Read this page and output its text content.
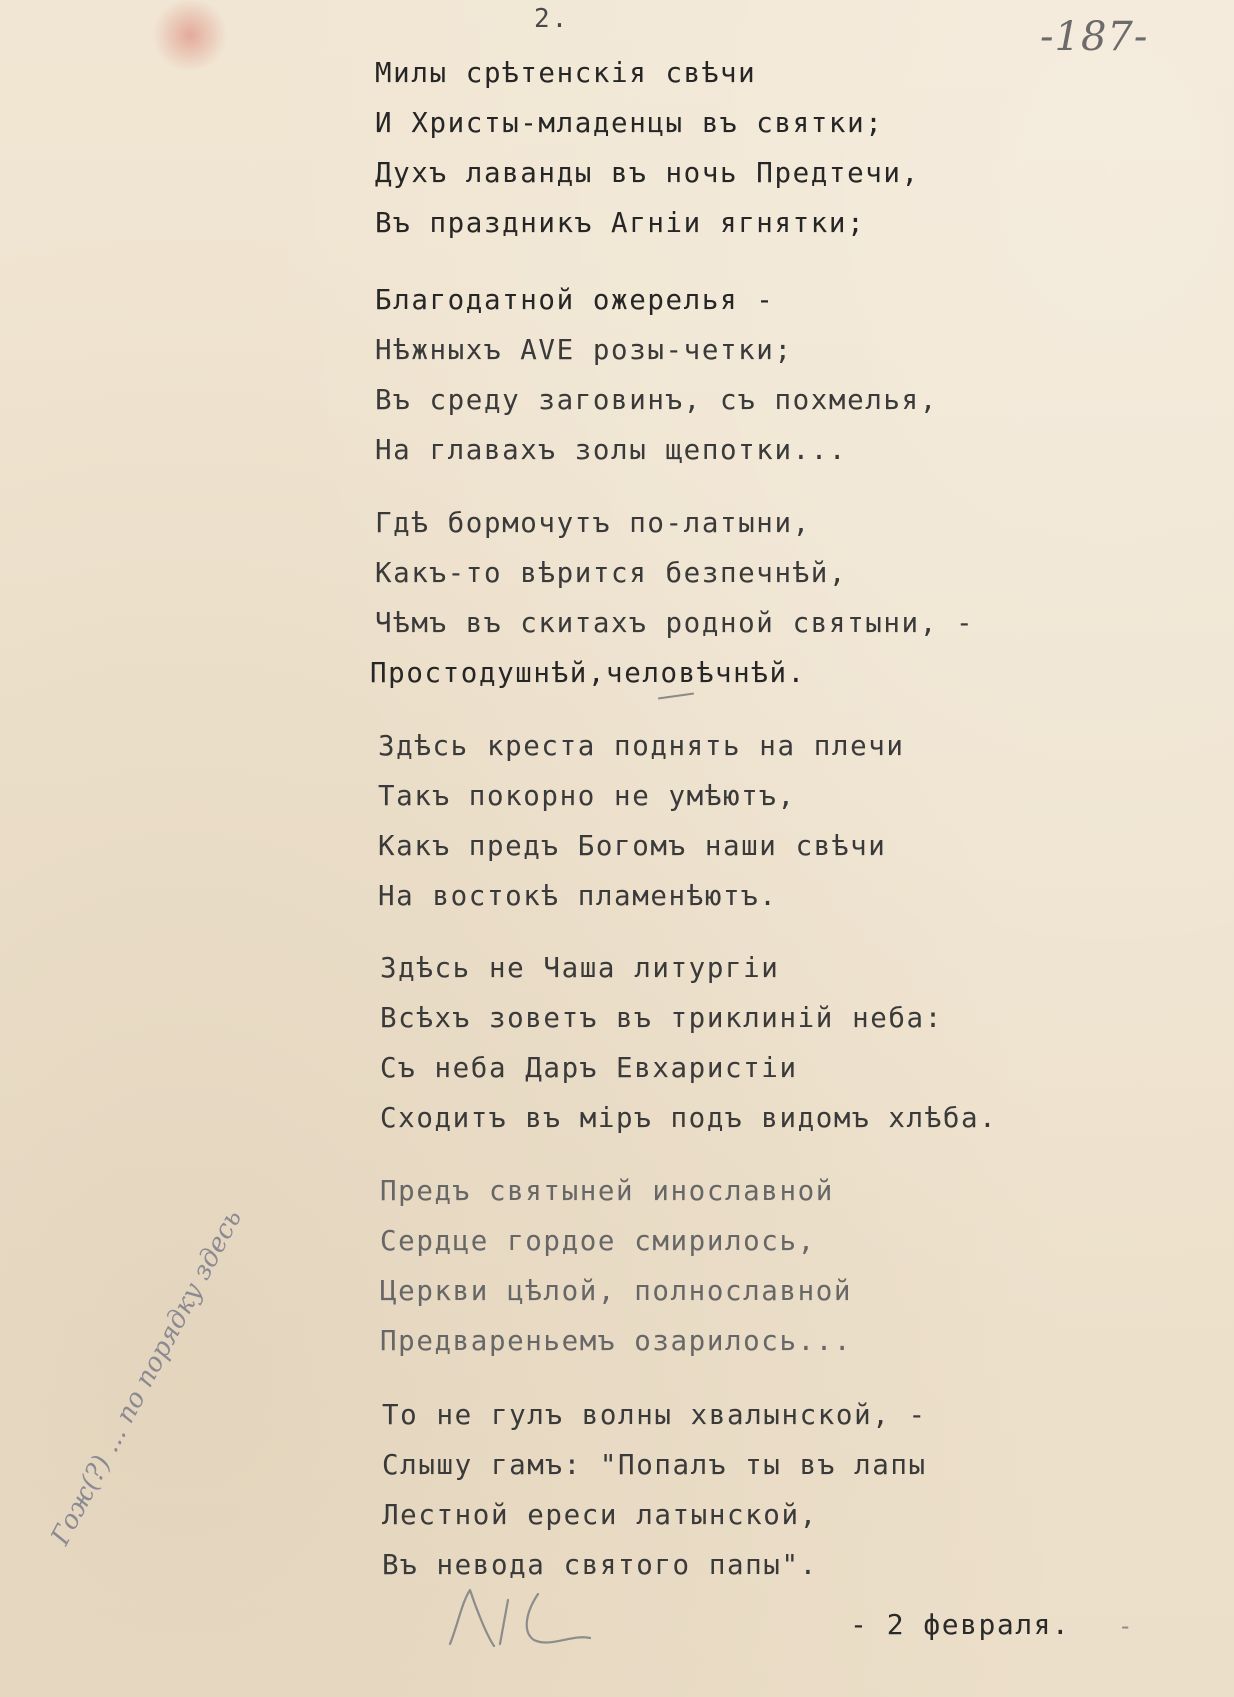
2.	-187-
Милы срѣтенскія свѣчи
И Христы-младенцы въ святки;
Духъ лаванды въ ночь Предтечи,
Въ праздникъ Агніи ягнятки;
Благодатной ожерелья -
Нѣжныхъ AVE розы-четки;
Въ среду заговинъ, съ похмелья,
На главахъ золы щепотки...
Гдѣ бормочутъ по-латыни,
Какъ-то вѣрится безпечнѣй,
Чѣмъ въ скитахъ родной святыни, -
Простодушнѣй,человѣчнѣй.
Здѣсь креста поднять на плечи
Такъ покорно не умѣютъ,
Какъ предъ Богомъ наши свѣчи
На востокѣ пламенѣютъ.
Здѣсь не Чаша литургіи
Всѣхъ зоветъ въ триклиній неба:
Съ неба Даръ Евхаристіи
Сходитъ въ міръ подъ видомъ хлѣба.
Предъ святыней инославной
Сердце гордое смирилось,
Церкви цѣлой, полнославной
Предвареньемъ озарилось...
То не гулъ волны хвалынской, -
Слышу гамъ: "Попалъ ты въ лапы
Лестной ереси латынской,
Въ невода святого папы".
- 2 февраля. -
Гож(?) ... по порядку здесь
